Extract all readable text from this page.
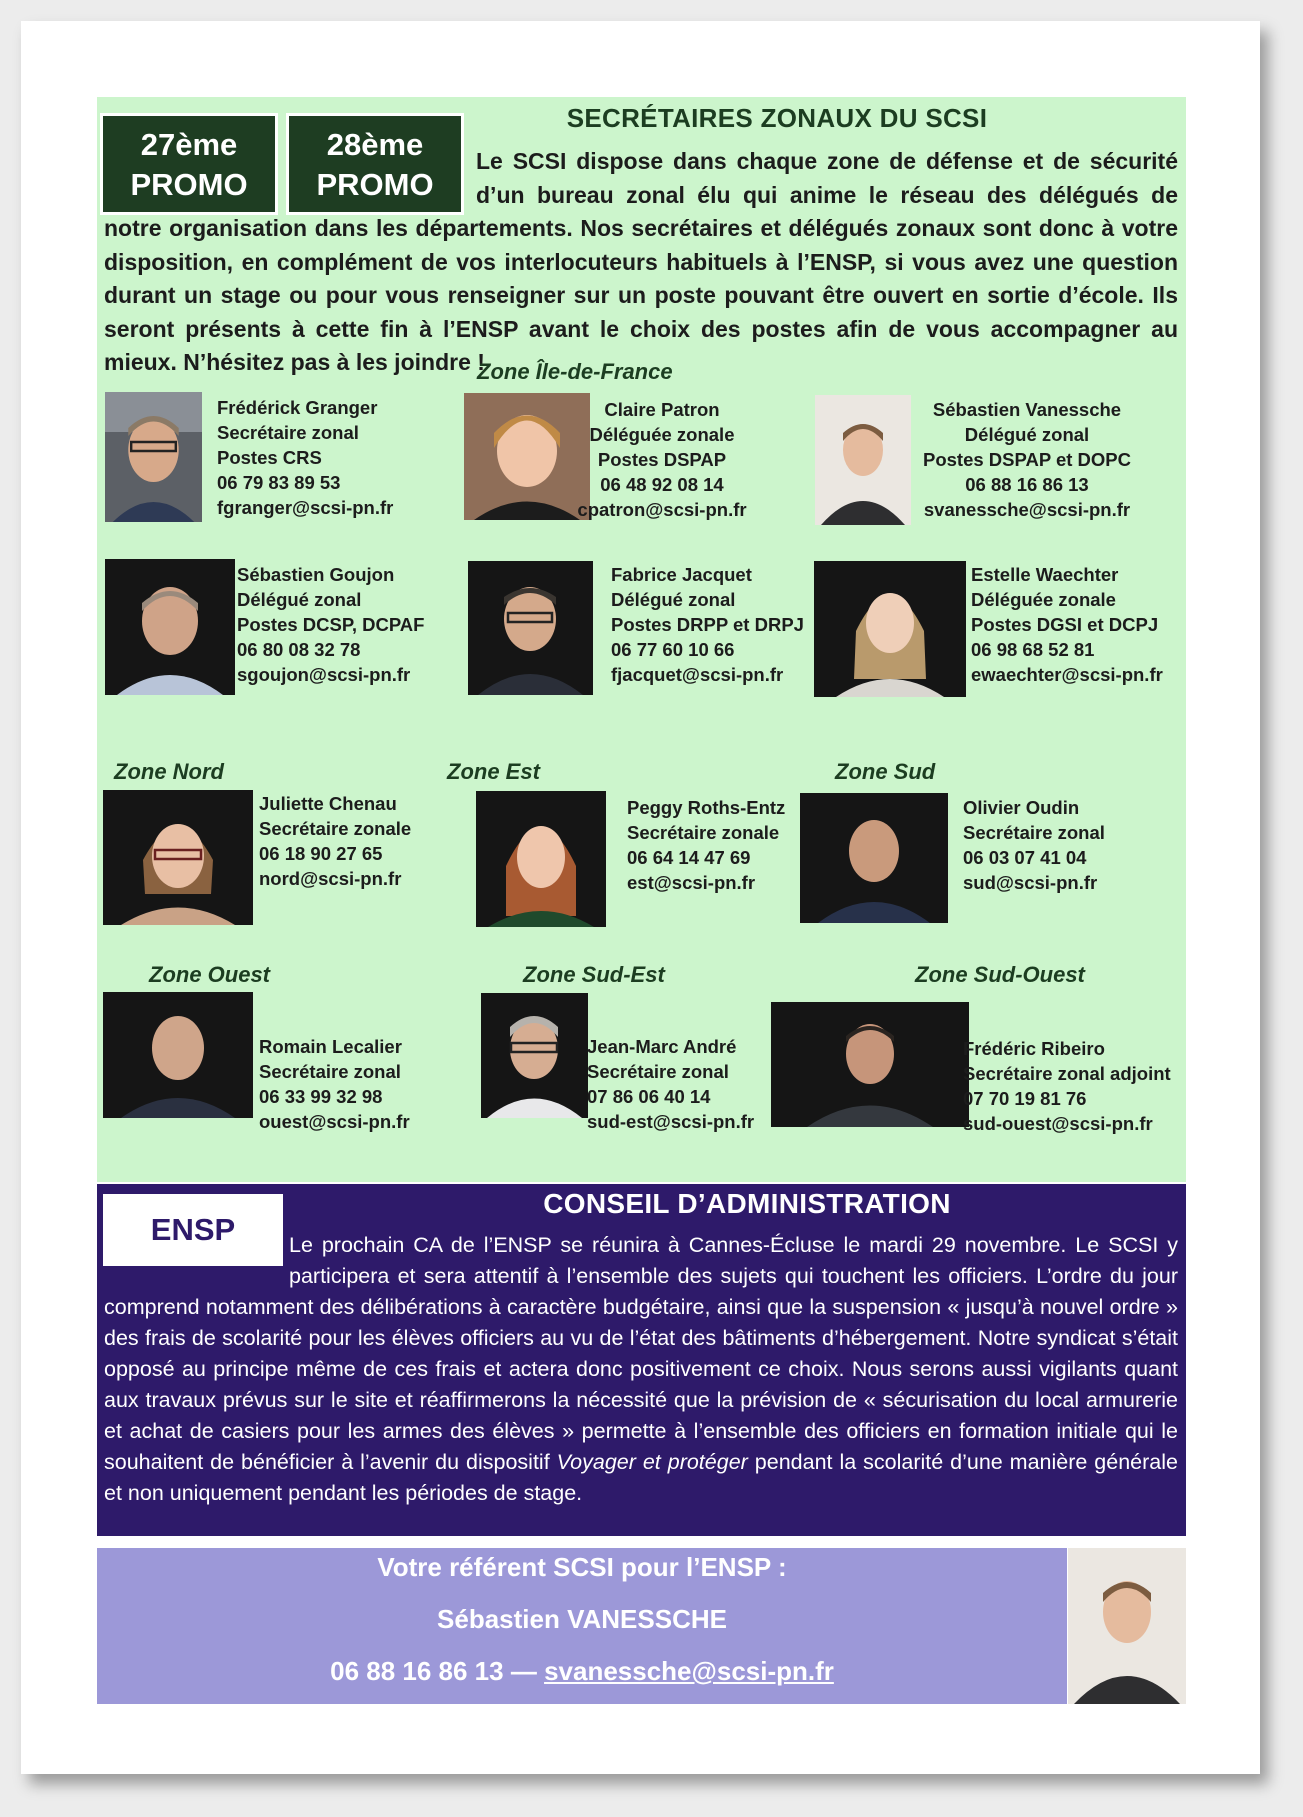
27ème
PROMO
28ème
PROMO
SECRÉTAIRES ZONAUX DU SCSI
Le SCSI dispose dans chaque zone de défense et de sécurité d’un bureau zonal élu qui anime le réseau des délégués de notre organisation dans les départements. Nos secrétaires et délégués zonaux sont donc à votre disposition, en complément de vos interlocuteurs habituels à l’ENSP, si vous avez une question durant un stage ou pour vous renseigner sur un poste pouvant être ouvert en sortie d’école. Ils seront présents à cette fin à l’ENSP avant le choix des postes afin de vous accompagner au mieux. N’hésitez pas à les joindre !
Zone Île-de-France
Frédérick Granger
Secrétaire zonal
Postes CRS
06 79 83 89 53
fgranger@scsi-pn.fr
Claire Patron
Déléguée zonale
Postes DSPAP
06 48 92 08 14
cpatron@scsi-pn.fr
Sébastien Vanessche
Délégué zonal
Postes DSPAP et DOPC
06 88 16 86 13
svanessche@scsi-pn.fr
Sébastien Goujon
Délégué zonal
Postes DCSP, DCPAF
06 80 08 32 78
sgoujon@scsi-pn.fr
Fabrice Jacquet
Délégué zonal
Postes DRPP et DRPJ
06 77 60 10 66
fjacquet@scsi-pn.fr
Estelle Waechter
Déléguée zonale
Postes DGSI et DCPJ
06 98 68 52 81
ewaechter@scsi-pn.fr
Zone Nord	Zone Est	Zone Sud
Juliette Chenau
Secrétaire zonale
06 18 90 27 65
nord@scsi-pn.fr
Peggy Roths-Entz
Secrétaire zonale
06 64 14 47 69
est@scsi-pn.fr
Olivier Oudin
Secrétaire zonal
06 03 07 41 04
sud@scsi-pn.fr
Zone Ouest	Zone Sud-Est	Zone Sud-Ouest
Romain Lecalier
Secrétaire zonal
06 33 99 32 98
ouest@scsi-pn.fr
Jean-Marc André
Secrétaire zonal
07 86 06 40 14
sud-est@scsi-pn.fr
Frédéric Ribeiro
Secrétaire zonal adjoint
07 70 19 81 76
sud-ouest@scsi-pn.fr
ENSP
CONSEIL D’ADMINISTRATION
Le prochain CA de l’ENSP se réunira à Cannes-Écluse le mardi 29 novembre. Le SCSI y participera et sera attentif à l’ensemble des sujets qui touchent les officiers. L’ordre du jour comprend notamment des délibérations à caractère budgétaire, ainsi que la suspension « jusqu’à nouvel ordre » des frais de scolarité pour les élèves officiers au vu de l’état des bâtiments d’hébergement. Notre syndicat s’était opposé au principe même de ces frais et actera donc positivement ce choix. Nous serons aussi vigilants quant aux travaux prévus sur le site et réaffirmerons la nécessité que la prévision de « sécurisation du local armurerie et achat de casiers pour les armes des élèves » permette à l’ensemble des officiers en formation initiale qui le souhaitent de bénéficier à l’avenir du dispositif Voyager et protéger pendant la scolarité d’une manière générale et non uniquement pendant les périodes de stage.
Votre référent SCSI pour l’ENSP :
Sébastien VANESSCHE
06 88 16 86 13 — svanessche@scsi-pn.fr
